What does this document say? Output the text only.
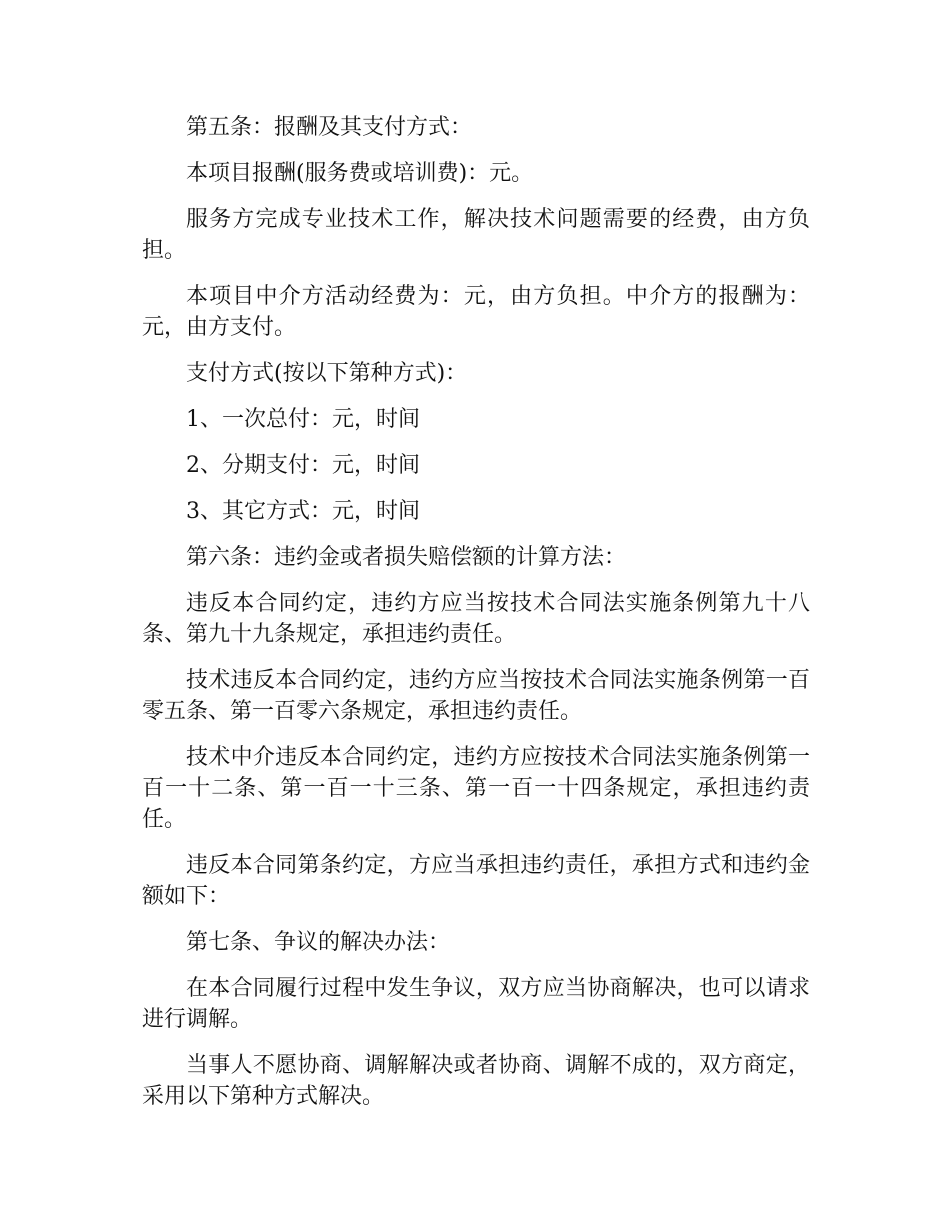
第五条：报酬及其支付方式：

本项目报酬(服务费或培训费)：元。

服务方完成专业技术工作，解决技术问题需要的经费，由方负担。

本项目中介方活动经费为：元，由方负担。中介方的报酬为：元，由方支付。

支付方式(按以下第种方式)：

1、一次总付：元，时间

2、分期支付：元，时间

3、其它方式：元，时间

第六条：违约金或者损失赔偿额的计算方法：

违反本合同约定，违约方应当按技术合同法实施条例第九十八条、第九十九条规定，承担违约责任。

技术违反本合同约定，违约方应当按技术合同法实施条例第一百零五条、第一百零六条规定，承担违约责任。

技术中介违反本合同约定，违约方应按技术合同法实施条例第一百一十二条、第一百一十三条、第一百一十四条规定，承担违约责任。

违反本合同第条约定，方应当承担违约责任，承担方式和违约金额如下：

第七条、争议的解决办法：

在本合同履行过程中发生争议，双方应当协商解决，也可以请求进行调解。

当事人不愿协商、调解解决或者协商、调解不成的，双方商定，采用以下第种方式解决。
